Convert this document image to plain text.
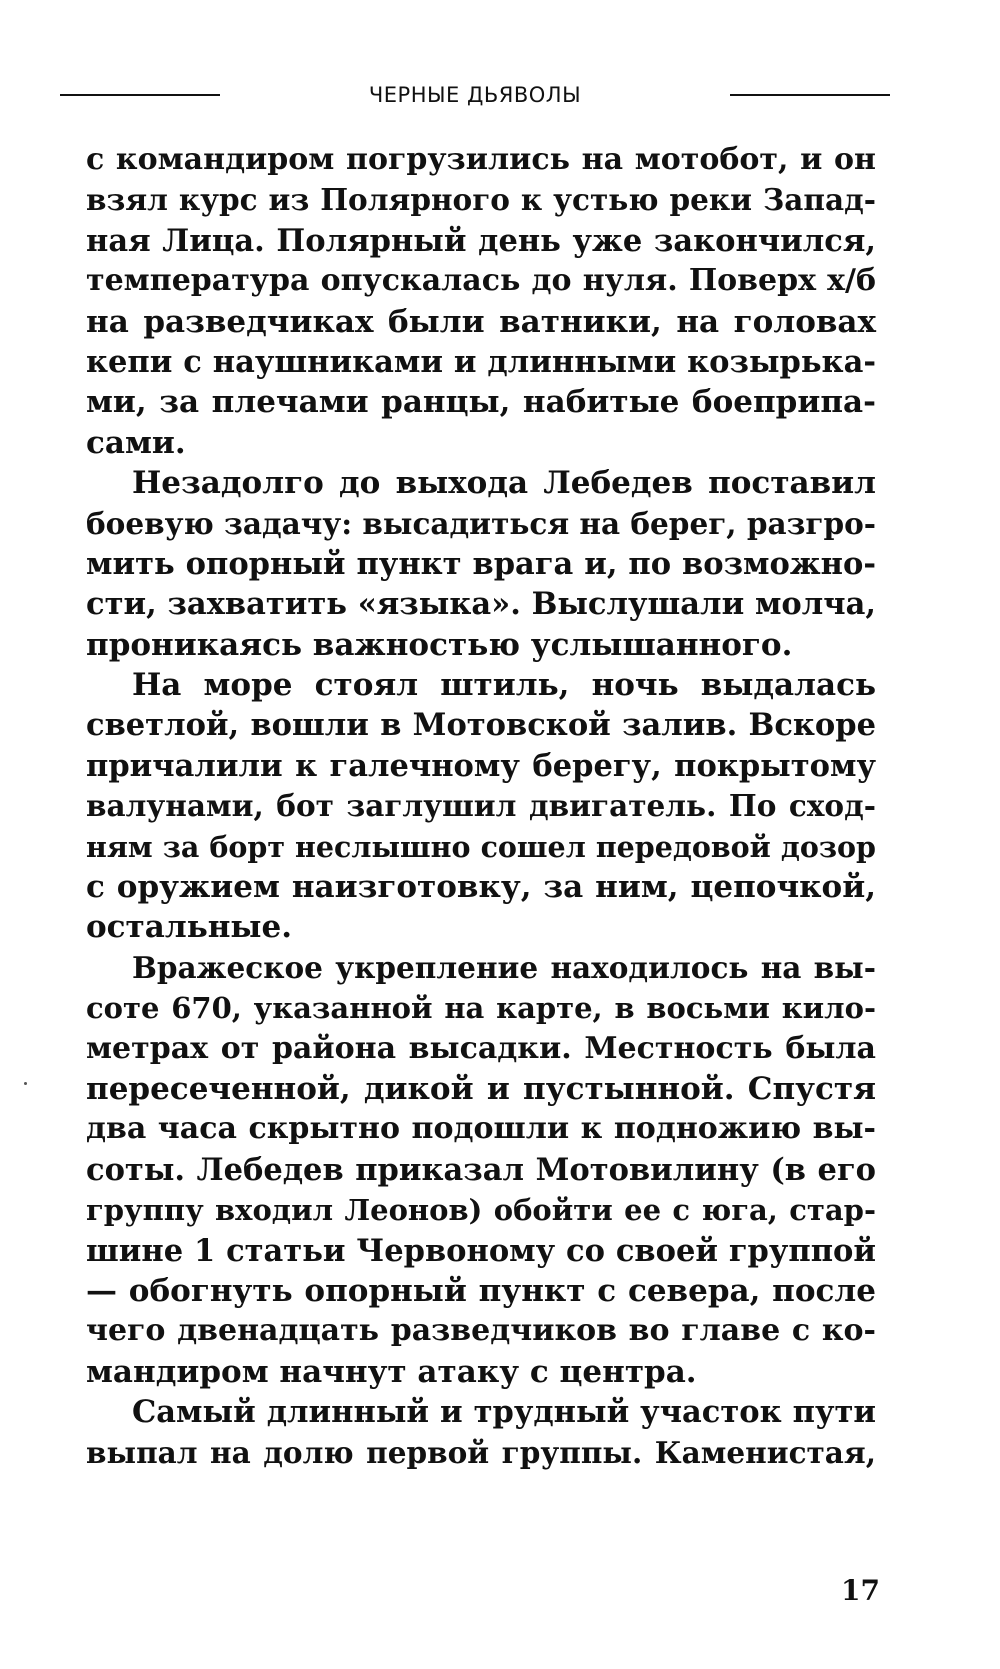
ЧЕРНЫЕ ДЬЯВОЛЫ
с командиром погрузились на мотобот, и он
взял курс из Полярного к устью реки Запад-
ная Лица. Полярный день уже закончился,
температура опускалась до нуля. Поверх х/б
на разведчиках были ватники, на головах
кепи с наушниками и длинными козырька-
ми, за плечами ранцы, набитые боеприпа-
сами.
Незадолго до выхода Лебедев поставил
боевую задачу: высадиться на берег, разгро-
мить опорный пункт врага и, по возможно-
сти, захватить «языка». Выслушали молча,
проникаясь важностью услышанного.
На море стоял штиль, ночь выдалась
светлой, вошли в Мотовской залив. Вскоре
причалили к галечному берегу, покрытому
валунами, бот заглушил двигатель. По сход-
ням за борт неслышно сошел передовой дозор
с оружием наизготовку, за ним, цепочкой,
остальные.
Вражеское укрепление находилось на вы-
соте 670, указанной на карте, в восьми кило-
метрах от района высадки. Местность была
пересеченной, дикой и пустынной. Спустя
два часа скрытно подошли к подножию вы-
соты. Лебедев приказал Мотовилину (в его
группу входил Леонов) обойти ее с юга, стар-
шине 1 статьи Червоному со своей группой
— обогнуть опорный пункт с севера, после
чего двенадцать разведчиков во главе с ко-
мандиром начнут атаку с центра.
Самый длинный и трудный участок пути
выпал на долю первой группы. Каменистая,
17
